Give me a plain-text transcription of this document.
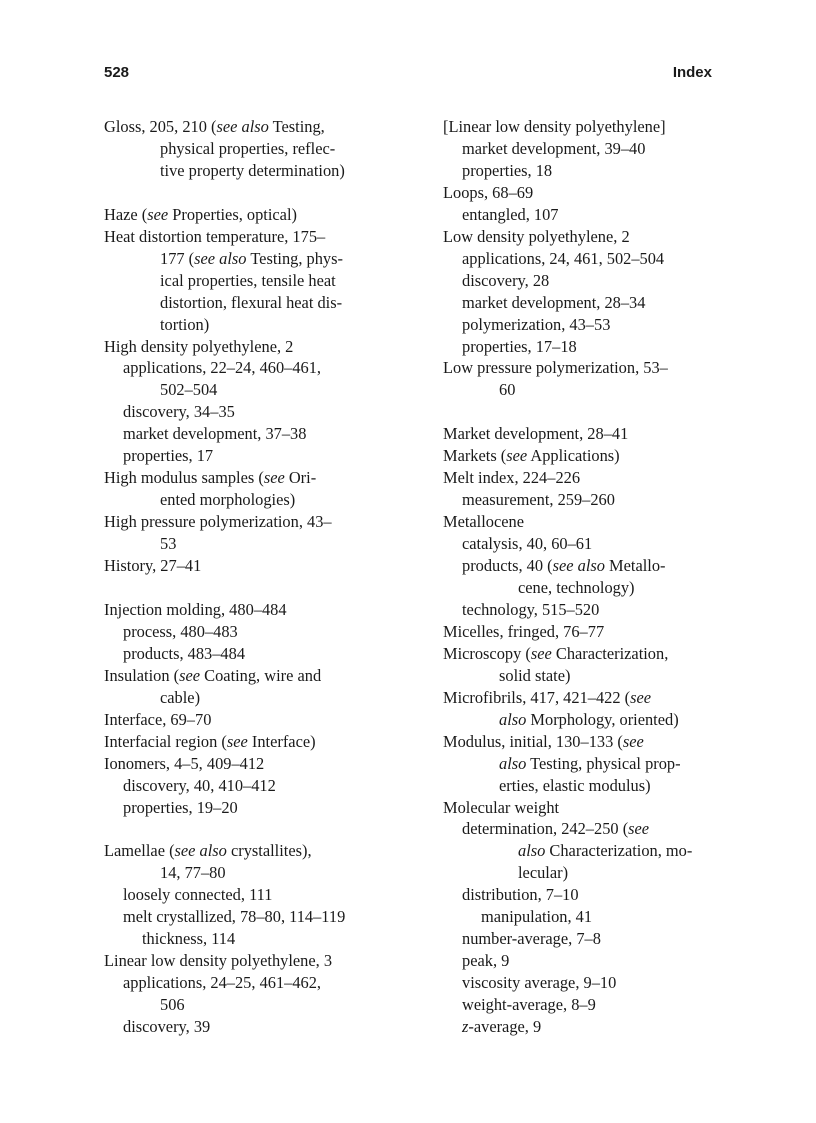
528	Index
Gloss, 205, 210 (see also Testing,
physical properties, reflec-
tive property determination)
Haze (see Properties, optical)
Heat distortion temperature, 175–
177 (see also Testing, phys-
ical properties, tensile heat
distortion, flexural heat dis-
tortion)
High density polyethylene, 2
applications, 22–24, 460–461,
502–504
discovery, 34–35
market development, 37–38
properties, 17
High modulus samples (see Ori-
ented morphologies)
High pressure polymerization, 43–
53
History, 27–41
Injection molding, 480–484
process, 480–483
products, 483–484
Insulation (see Coating, wire and
cable)
Interface, 69–70
Interfacial region (see Interface)
Ionomers, 4–5, 409–412
discovery, 40, 410–412
properties, 19–20
Lamellae (see also crystallites),
14, 77–80
loosely connected, 111
melt crystallized, 78–80, 114–119
thickness, 114
Linear low density polyethylene, 3
applications, 24–25, 461–462,
506
discovery, 39
[Linear low density polyethylene]
market development, 39–40
properties, 18
Loops, 68–69
entangled, 107
Low density polyethylene, 2
applications, 24, 461, 502–504
discovery, 28
market development, 28–34
polymerization, 43–53
properties, 17–18
Low pressure polymerization, 53–
60
Market development, 28–41
Markets (see Applications)
Melt index, 224–226
measurement, 259–260
Metallocene
catalysis, 40, 60–61
products, 40 (see also Metallo-
cene, technology)
technology, 515–520
Micelles, fringed, 76–77
Microscopy (see Characterization,
solid state)
Microfibrils, 417, 421–422 (see
also Morphology, oriented)
Modulus, initial, 130–133 (see
also Testing, physical prop-
erties, elastic modulus)
Molecular weight
determination, 242–250 (see
also Characterization, mo-
lecular)
distribution, 7–10
manipulation, 41
number-average, 7–8
peak, 9
viscosity average, 9–10
weight-average, 8–9
z-average, 9
